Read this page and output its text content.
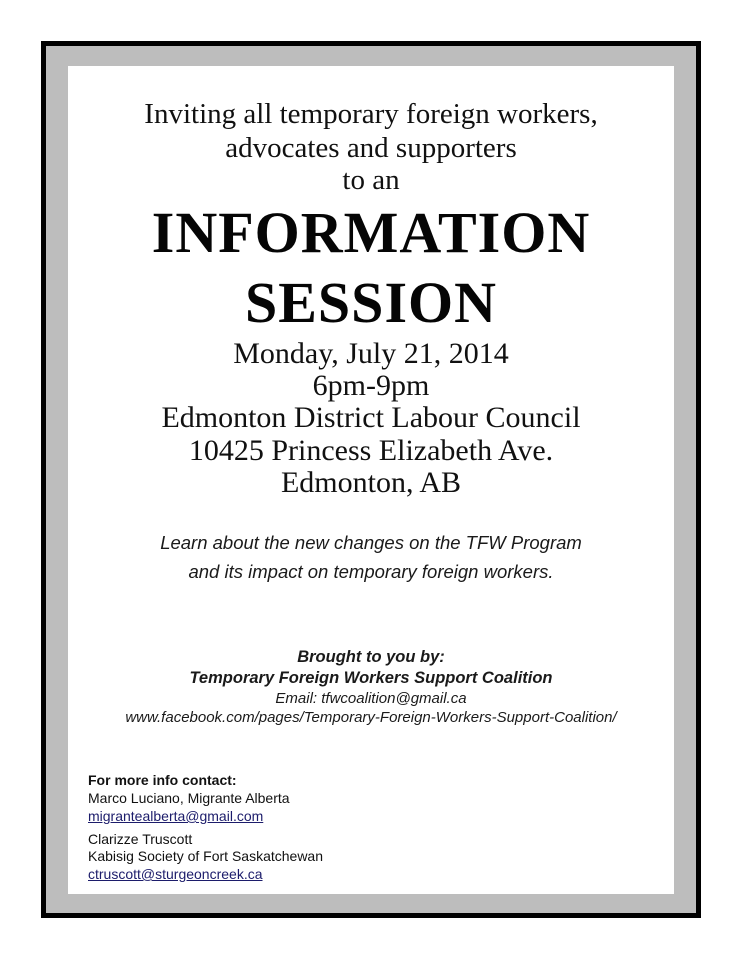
Inviting all temporary foreign workers,
advocates and supporters
to an
INFORMATION
SESSION
Monday, July 21, 2014
6pm-9pm
Edmonton District Labour Council
10425 Princess Elizabeth Ave.
Edmonton, AB
Learn about the new changes on the TFW Program
and its impact on temporary foreign workers.
Brought to you by:
Temporary Foreign Workers Support Coalition
Email: tfwcoalition@gmail.ca
www.facebook.com/pages/Temporary-Foreign-Workers-Support-Coalition/
For more info contact:
Marco Luciano, Migrante Alberta
migrantealberta@gmail.com
Clarizze Truscott
Kabisig Society of Fort Saskatchewan
ctruscott@sturgeoncreek.ca
